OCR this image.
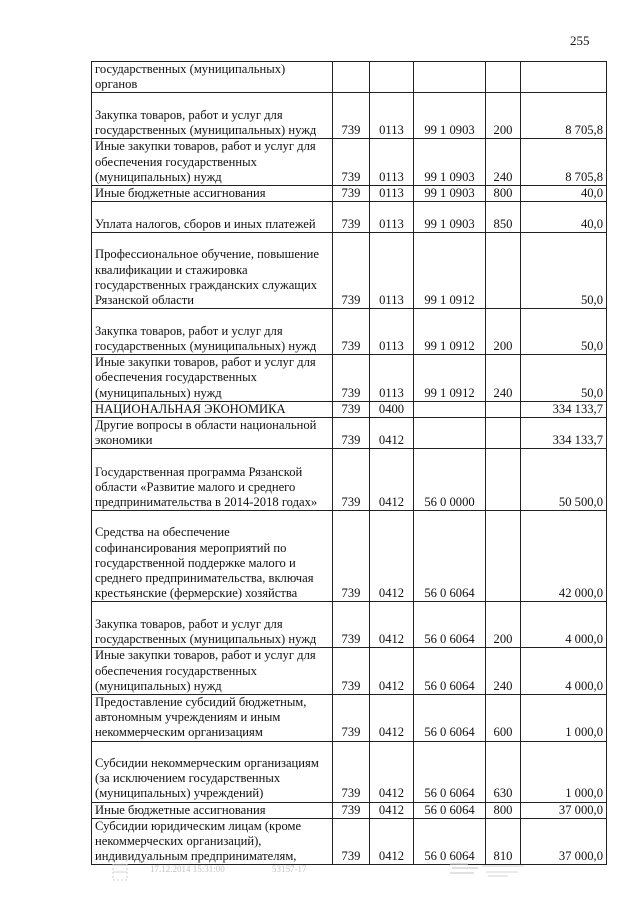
255
государственных (муниципальных) органов					
Закупка товаров, работ и услуг для государственных (муниципальных) нужд	739	0113	99 1 0903	200	8 705,8
Иные закупки товаров, работ и услуг для обеспечения государственных (муниципальных) нужд	739	0113	99 1 0903	240	8 705,8
Иные бюджетные ассигнования	739	0113	99 1 0903	800	40,0
Уплата налогов, сборов и иных платежей	739	0113	99 1 0903	850	40,0
Профессиональное обучение, повышение квалификации и стажировка государственных гражданских служащих Рязанской области	739	0113	99 1 0912		50,0
Закупка товаров, работ и услуг для государственных (муниципальных) нужд	739	0113	99 1 0912	200	50,0
Иные закупки товаров, работ и услуг для обеспечения государственных (муниципальных) нужд	739	0113	99 1 0912	240	50,0
НАЦИОНАЛЬНАЯ ЭКОНОМИКА	739	0400			334 133,7
Другие вопросы в области национальной экономики	739	0412			334 133,7
Государственная программа Рязанской области «Развитие малого и среднего предпринимательства в 2014-2018 годах»	739	0412	56 0 0000		50 500,0
Средства на обеспечение софинансирования мероприятий по государственной поддержке малого и среднего предпринимательства, включая крестьянские (фермерские) хозяйства	739	0412	56 0 6064		42 000,0
Закупка товаров, работ и услуг для государственных (муниципальных) нужд	739	0412	56 0 6064	200	4 000,0
Иные закупки товаров, работ и услуг для обеспечения государственных (муниципальных) нужд	739	0412	56 0 6064	240	4 000,0
Предоставление субсидий бюджетным, автономным учреждениям и иным некоммерческим организациям	739	0412	56 0 6064	600	1 000,0
Субсидии некоммерческим организациям (за исключением государственных (муниципальных) учреждений)	739	0412	56 0 6064	630	1 000,0
Иные бюджетные ассигнования	739	0412	56 0 6064	800	37 000,0
Субсидии юридическим лицам (кроме некоммерческих организаций), индивидуальным предпринимателям,	739	0412	56 0 6064	810	37 000,0
17.12.2014 15:31:00	53157-17
